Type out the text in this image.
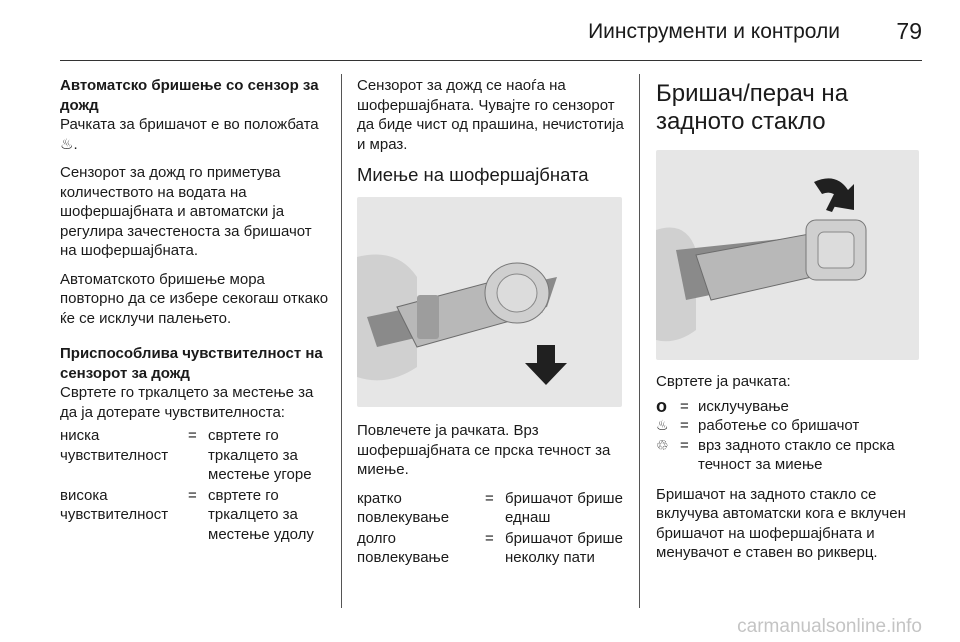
Иинструменти и контроли 79

Автоматско бришење со сензор за дожд

Рачката за бришачот е во положбата ♨.

Сензорот за дожд го приметува количеството на водата на шофершајбната и автоматски ја регулира зачестеноста за бришачот на шофершајбната.

Автоматското бришење мора повторно да се избере секогаш откако ќе се исклучи палењето.

Приспособлива чувствителност на сензорот за дожд

Свртете го тркалцето за местење за да ја дотерате чувствителноста:

ниска чувствителност
= свртете го тркалцето за местење угоре
висока чувствителност
= свртете го тркалцето за местење удолу

Сензорот за дожд се наоѓа на шофершајбната. Чувајте го сензорот да биде чист од прашина, нечистотија и мраз.

Миење на шофершајбната

Повлечете ја рачката. Врз шофершајбната се прска течност за миење.

кратко повлекување
= бришачот брише еднаш
долго повлекување
= бришачот брише неколку пати

Бришач/перач на задното стакло

Свртете ја рачката:

o = исклучување
♨ = работење со бришачот
♲ = врз задното стакло се прска течност за миење

Бришачот на задното стакло се вклучува автоматски кога е вклучен бришачот на шофершајбната и менувачот е ставен во рикверц.

carmanualsonline.info
